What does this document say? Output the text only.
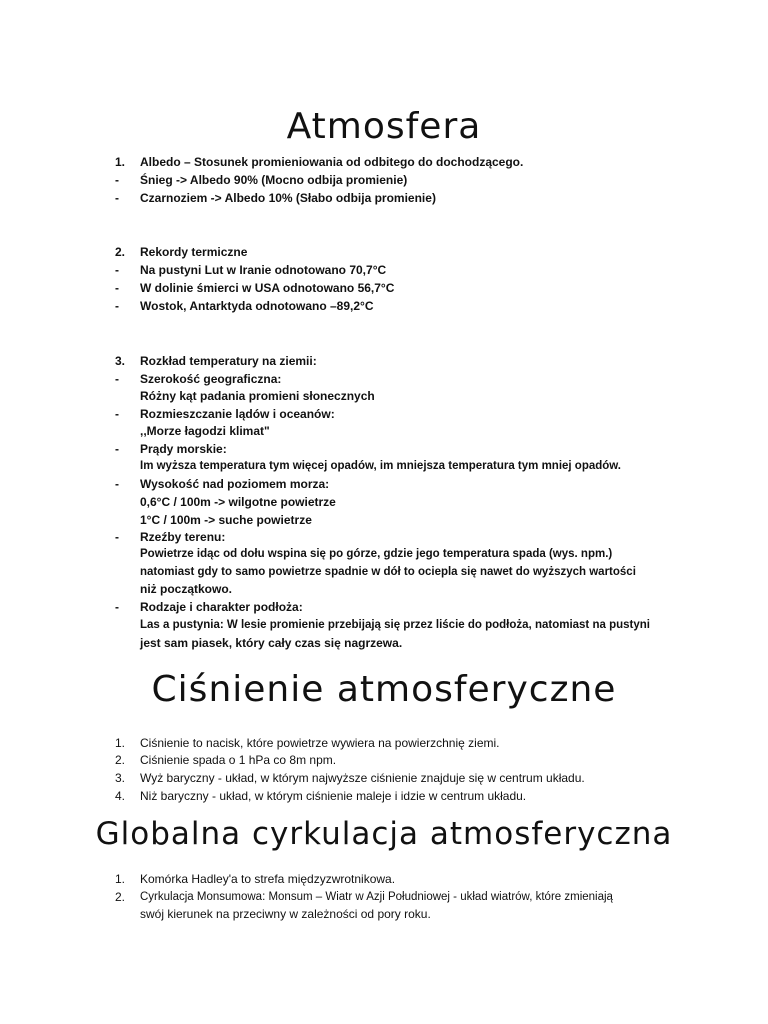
Atmosfera
1. Albedo – Stosunek promieniowania od odbitego do dochodzącego.
- Śnieg -> Albedo 90% (Mocno odbija promienie)
- Czarnoziem -> Albedo 10% (Słabo odbija promienie)
2. Rekordy termiczne
- Na pustyni Lut w Iranie odnotowano 70,7°C
- W dolinie śmierci w USA odnotowano 56,7°C
- Wostok, Antarktyda odnotowano –89,2°C
3. Rozkład temperatury na ziemii:
- Szerokość geograficzna:
Różny kąt padania promieni słonecznych
- Rozmieszczanie lądów i oceanów:
,,Morze łagodzi klimat"
- Prądy morskie:
Im wyższa temperatura tym więcej opadów, im mniejsza temperatura tym mniej opadów.
- Wysokość nad poziomem morza:
0,6°C / 100m -> wilgotne powietrze
1°C / 100m -> suche powietrze
- Rzeźby terenu:
Powietrze idąc od dołu wspina się po górze, gdzie jego temperatura spada (wys. npm.)
natomiast gdy to samo powietrze spadnie w dół to ociepla się nawet do wyższych wartości
niż początkowo.
- Rodzaje i charakter podłoża:
Las a pustynia: W lesie promienie przebijają się przez liście do podłoża, natomiast na pustyni
jest sam piasek, który cały czas się nagrzewa.
Ciśnienie atmosferyczne
1. Ciśnienie to nacisk, które powietrze wywiera na powierzchnię ziemi.
2. Ciśnienie spada o 1 hPa co 8m npm.
3. Wyż baryczny - układ, w którym najwyższe ciśnienie znajduje się w centrum układu.
4. Niż baryczny - układ, w którym ciśnienie maleje i idzie w centrum układu.
Globalna cyrkulacja atmosferyczna
1. Komórka Hadley'a to strefa międzyzwrotnikowa.
2. Cyrkulacja Monsumowa: Monsum – Wiatr w Azji Południowej - układ wiatrów, które zmieniają
swój kierunek na przeciwny w zależności od pory roku.
